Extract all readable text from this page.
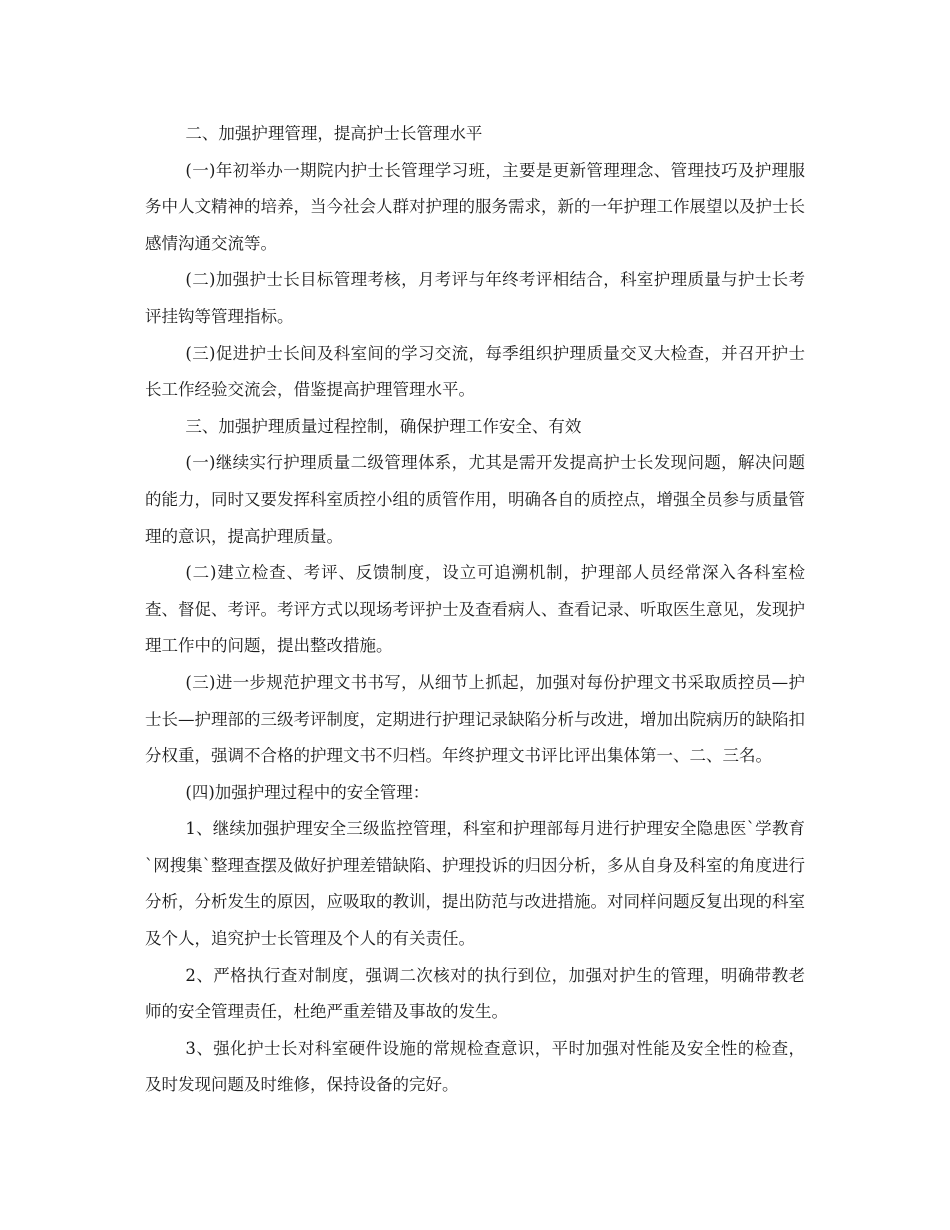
二、加强护理管理，提高护士长管理水平

(一)年初举办一期院内护士长管理学习班，主要是更新管理理念、管理技巧及护理服务中人文精神的培养，当今社会人群对护理的服务需求，新的一年护理工作展望以及护士长感情沟通交流等。

(二)加强护士长目标管理考核，月考评与年终考评相结合，科室护理质量与护士长考评挂钩等管理指标。

(三)促进护士长间及科室间的学习交流，每季组织护理质量交叉大检查，并召开护士长工作经验交流会，借鉴提高护理管理水平。

三、加强护理质量过程控制，确保护理工作安全、有效

(一)继续实行护理质量二级管理体系，尤其是需开发提高护士长发现问题，解决问题的能力，同时又要发挥科室质控小组的质管作用，明确各自的质控点，增强全员参与质量管理的意识，提高护理质量。

(二)建立检查、考评、反馈制度，设立可追溯机制，护理部人员经常深入各科室检查、督促、考评。考评方式以现场考评护士及查看病人、查看记录、听取医生意见，发现护理工作中的问题，提出整改措施。

(三)进一步规范护理文书书写，从细节上抓起，加强对每份护理文书采取质控员—护士长—护理部的三级考评制度，定期进行护理记录缺陷分析与改进，增加出院病历的缺陷扣分权重，强调不合格的护理文书不归档。年终护理文书评比评出集体第一、二、三名。

(四)加强护理过程中的安全管理：

1、继续加强护理安全三级监控管理，科室和护理部每月进行护理安全隐患医`学教育`网搜集`整理查摆及做好护理差错缺陷、护理投诉的归因分析，多从自身及科室的角度进行分析，分析发生的原因，应吸取的教训，提出防范与改进措施。对同样问题反复出现的科室及个人，追究护士长管理及个人的有关责任。

2、严格执行查对制度，强调二次核对的执行到位，加强对护生的管理，明确带教老师的安全管理责任，杜绝严重差错及事故的发生。

3、强化护士长对科室硬件设施的常规检查意识，平时加强对性能及安全性的检查，及时发现问题及时维修，保持设备的完好。
